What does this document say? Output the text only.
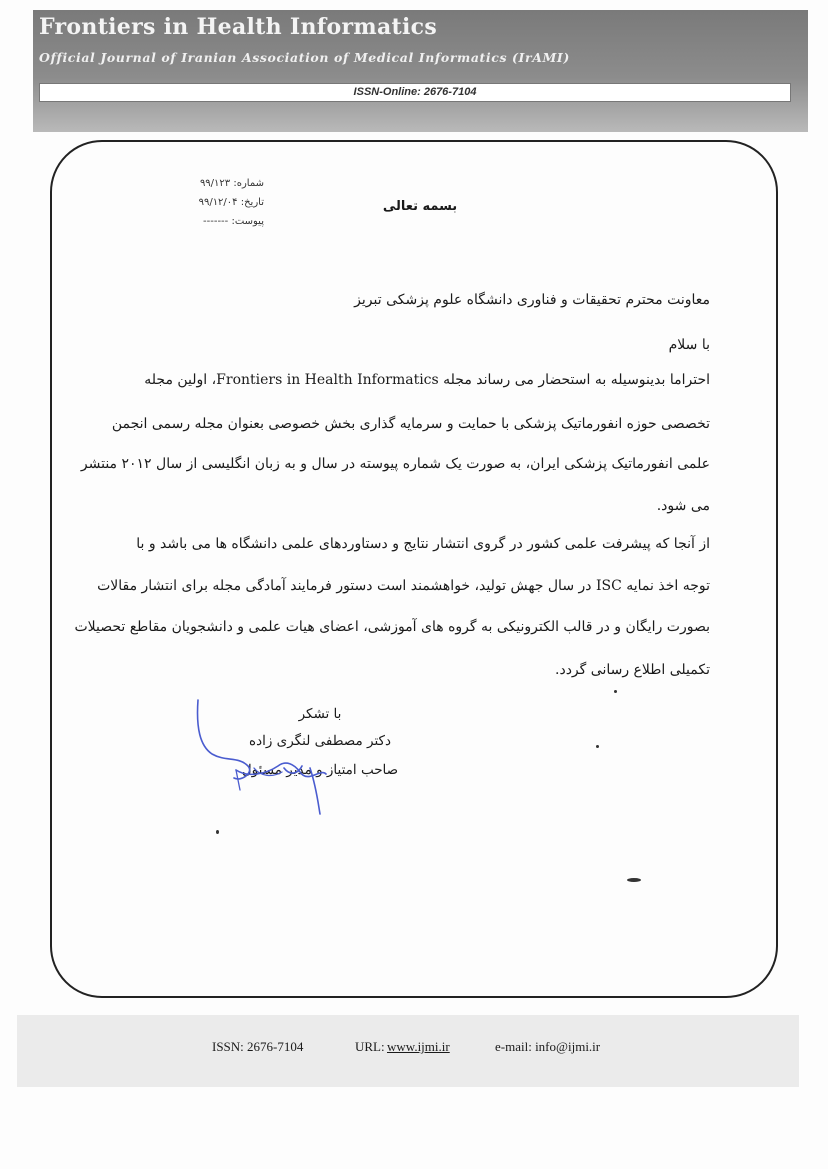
Frontiers in Health Informatics
Official Journal of Iranian Association of Medical Informatics (IrAMI)
ISSN-Online: 2676-7104
شماره: ۹۹/۱۲۳
تاریخ: ۹۹/۱۲/۰۴
پیوست: -------
بسمه تعالی
معاونت محترم تحقیقات و فناوری دانشگاه علوم پزشکی تبریز
با سلام
احتراما بدینوسیله به استحضار می رساند مجله Frontiers in Health Informatics، اولین مجله
تخصصی حوزه انفورماتیک پزشکی با حمایت و سرمایه گذاری بخش خصوصی بعنوان مجله رسمی انجمن
علمی انفورماتیک پزشکی ایران، به صورت یک شماره پیوسته در سال و به زبان انگلیسی از سال ۲۰۱۲ منتشر
می شود.
از آنجا که پیشرفت علمی کشور در گروی انتشار نتایج و دستاوردهای علمی دانشگاه ها می باشد و با
توجه اخذ نمایه ISC در سال جهش تولید، خواهشمند است دستور فرمایند آمادگی مجله برای انتشار مقالات
بصورت رایگان و در قالب الکترونیکی به گروه های آموزشی، اعضای هیات علمی و دانشجویان مقاطع تحصیلات
تکمیلی اطلاع رسانی گردد.
با تشکر
دکتر مصطفی لنگری زاده
صاحب امتیاز و مدیر مسئول
ISSN: 2676-7104	URL: www.ijmi.ir	e-mail: info@ijmi.ir
